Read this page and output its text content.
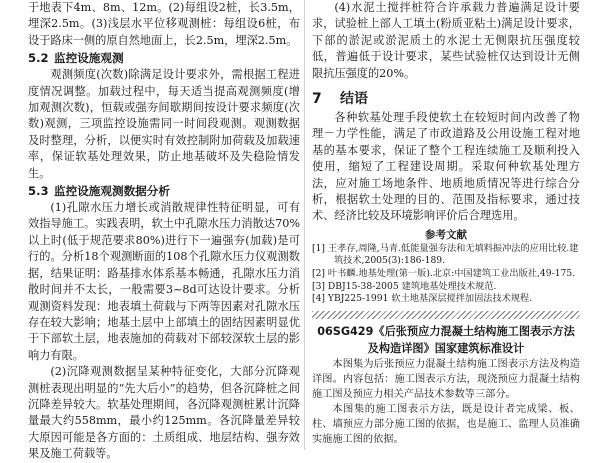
于地表下4m、8m、12m。(2)每组设2桩，长3.5m，埋深2.5m。(3)浅层水平位移观测桩：每组设6桩，布设于路床一侧的原自然地面上，长2.5m，埋深2.5m。

5.2 监控设施观测

观测频度(次数)除满足设计要求外，需根据工程进度情况调整。加载过程中，每天适当提高观测频度(增加观测次数)，恒载或强夯间歇期间按设计要求频度(次数)观测，三项监控设施需同一时间段观测。观测数据及时整理，分析，以便实时有效控制附加荷载及加载速率，保证软基处理效果，防止地基破坏及失稳险情发生。

5.3 监控设施观测数据分析

(1)孔隙水压力增长或消散规律性特征明显，可有效指导施工。实践表明，软土中孔隙水压力消散达70%以上时(低于规范要求80%)进行下一遍强夯(加载)是可行的。分析18个观测断面的108个孔隙水压力仪观测数据，结果证明：路基排水体系基本畅通，孔隙水压力消散时间并不太长，一般需要3~8d可达设计要求。分析观测资料发现：地表填土荷载与下两等因素对孔隙水压存在较大影响；地基土层中上部填土的固结因素明显优于下部软土层，地表施加的荷载对下部较深软土层的影响力有限。

(2)沉降观测数据呈某种特征变化，大部分沉降观测桩表现出明显的“先大后小”的趋势，但各沉降桩之间沉降差异较大。软基处理期间，各沉降观测桩累计沉降量最大约558mm，最小约125mm。各沉降量差异较大原因可能是各方面的：土质组成、地层结构、强夯效果及施工荷载等。

(4)水泥土搅拌桩符合许承载力普遍满足设计要求，试验桩上部人工填土(粉质亚粘土)满足设计要求，下部的淤泥或淤泥质土的水泥土无侧限抗压强度较低，普遍低于设计要求，某些试验桩仅达到设计无侧限抗压强度的20%。

7 结语

各种软基处理手段使软土在较短时间内改善了物理－力学性能，满足了市政道路及公用设施工程对地基的基本要求，保证了整个工程连续施工及顺利投入使用，缩短了工程建设周期。采取何种软基处理方法，应对施工场地条件、地质地质情况等进行综合分析，根据软土处理的目的、范围及指标要求，通过技术、经济比较及环境影响评价后合理选用。

参考文献

[1] 王孝存,周隆,马青.低能量强夯法和无填料振冲法的应用比较.建筑技术,2005(3):186-189.

[2] 叶书麟.地基处理(第一版).北京:中国建筑工业出版社,49-175.

[3] DBJ15-38-2005 建筑地基处理技术规范.

[4] YBJ225-1991 软土地基深层搅拌加固法技术规程.

06SG429《后张预应力混凝土结构施工图表示方法

及构造详图》国家建筑标准设计

本图集为后张预应力混凝土结构施工图表示方法及构造详图。内容包括：施工图表示方法，现浇预应力混凝土结构施工图及预应力相关产品技术参数等三部分。

本图集的施工图表示方法，既是设计者完成梁、板、柱、墙预应力部分施工图的依据，也是施工、监理人员准确实施施工图的依据。
